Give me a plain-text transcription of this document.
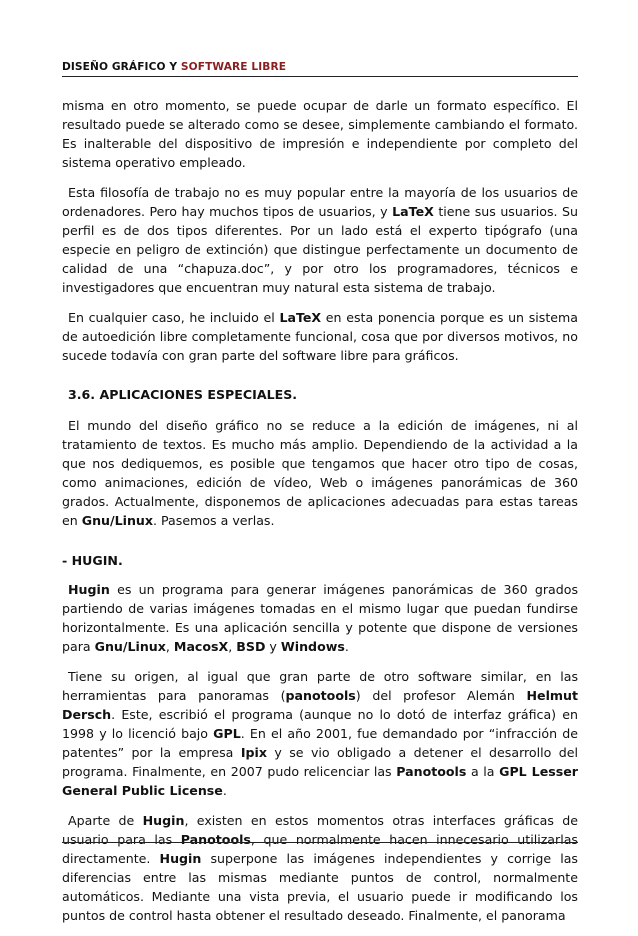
DISEÑO GRÁFICO Y SOFTWARE LIBRE

misma en otro momento, se puede ocupar de darle un formato específico. El resultado puede se alterado como se desee, simplemente cambiando el formato. Es inalterable del dispositivo de impresión e independiente por completo del sistema operativo empleado.

Esta filosofía de trabajo no es muy popular entre la mayoría de los usuarios de ordenadores. Pero hay muchos tipos de usuarios, y LaTeX tiene sus usuarios. Su perfil es de dos tipos diferentes. Por un lado está el experto tipógrafo (una especie en peligro de extinción) que distingue perfectamente un documento de calidad de una “chapuza.doc”, y por otro los programadores, técnicos e investigadores que encuentran muy natural esta sistema de trabajo.

En cualquier caso, he incluido el LaTeX en esta ponencia porque es un sistema de autoedición libre completamente funcional, cosa que por diversos motivos, no sucede todavía con gran parte del software libre para gráficos.

3.6. APLICACIONES ESPECIALES.

El mundo del diseño gráfico no se reduce a la edición de imágenes, ni al tratamiento de textos. Es mucho más amplio. Dependiendo de la actividad a la que nos dediquemos, es posible que tengamos que hacer otro tipo de cosas, como animaciones, edición de vídeo, Web o imágenes panorámicas de 360 grados. Actualmente, disponemos de aplicaciones adecuadas para estas tareas en Gnu/Linux. Pasemos a verlas.

- HUGIN.

Hugin es un programa para generar imágenes panorámicas de 360 grados partiendo de varias imágenes tomadas en el mismo lugar que puedan fundirse horizontalmente. Es una aplicación sencilla y potente que dispone de versiones para Gnu/Linux, MacosX, BSD y Windows.

Tiene su origen, al igual que gran parte de otro software similar, en las herramientas para panoramas (panotools) del profesor Alemán Helmut Dersch. Este, escribió el programa (aunque no lo dotó de interfaz gráfica) en 1998 y lo licenció bajo GPL. En el año 2001, fue demandado por “infracción de patentes” por la empresa Ipix y se vio obligado a detener el desarrollo del programa. Finalmente, en 2007 pudo relicenciar las Panotools a la GPL Lesser General Public License.

Aparte de Hugin, existen en estos momentos otras interfaces gráficas de usuario para las Panotools, que normalmente hacen innecesario utilizarlas directamente. Hugin superpone las imágenes independientes y corrige las diferencias entre las mismas mediante puntos de control, normalmente automáticos. Mediante una vista previa, el usuario puede ir modificando los puntos de control hasta obtener el resultado deseado. Finalmente, el panorama
